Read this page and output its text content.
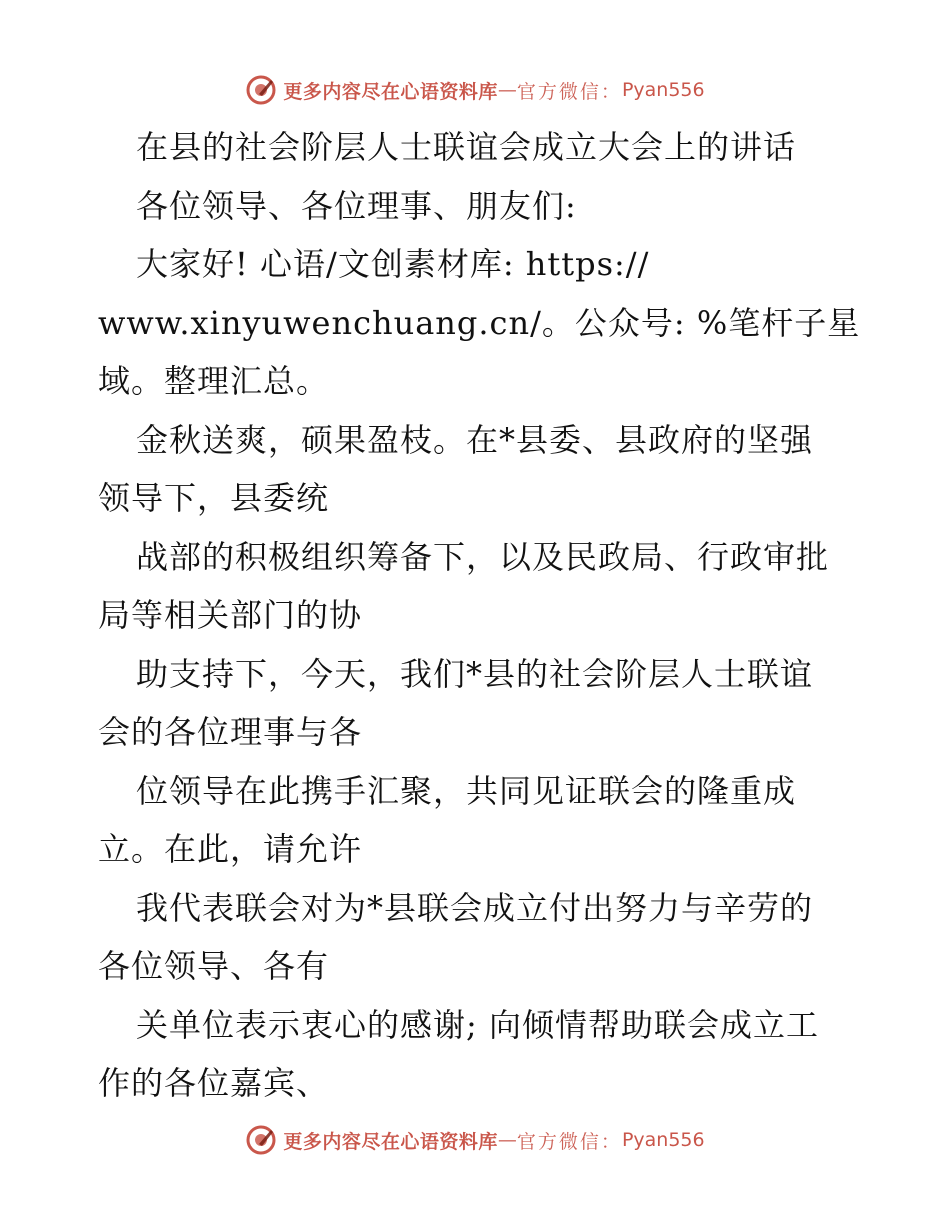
更多内容尽在心语资料库 — 官方微信： Pyan556
在县的社会阶层人士联谊会成立大会上的讲话
各位领导、各位理事、朋友们:
大家好! 心语/文创素材库: https://
www.xinyuwenchuang.cn/。公众号: %笔杆子星
域。整理汇总。
金秋送爽，硕果盈枝。在*县委、县政府的坚强
领导下，县委统
战部的积极组织筹备下，以及民政局、行政审批
局等相关部门的协
助支持下，今天，我们*县的社会阶层人士联谊
会的各位理事与各
位领导在此携手汇聚，共同见证联会的隆重成
立。在此，请允许
我代表联会对为*县联会成立付出努力与辛劳的
各位领导、各有
关单位表示衷心的感谢; 向倾情帮助联会成立工
作的各位嘉宾、
更多内容尽在心语资料库 — 官方微信： Pyan556
